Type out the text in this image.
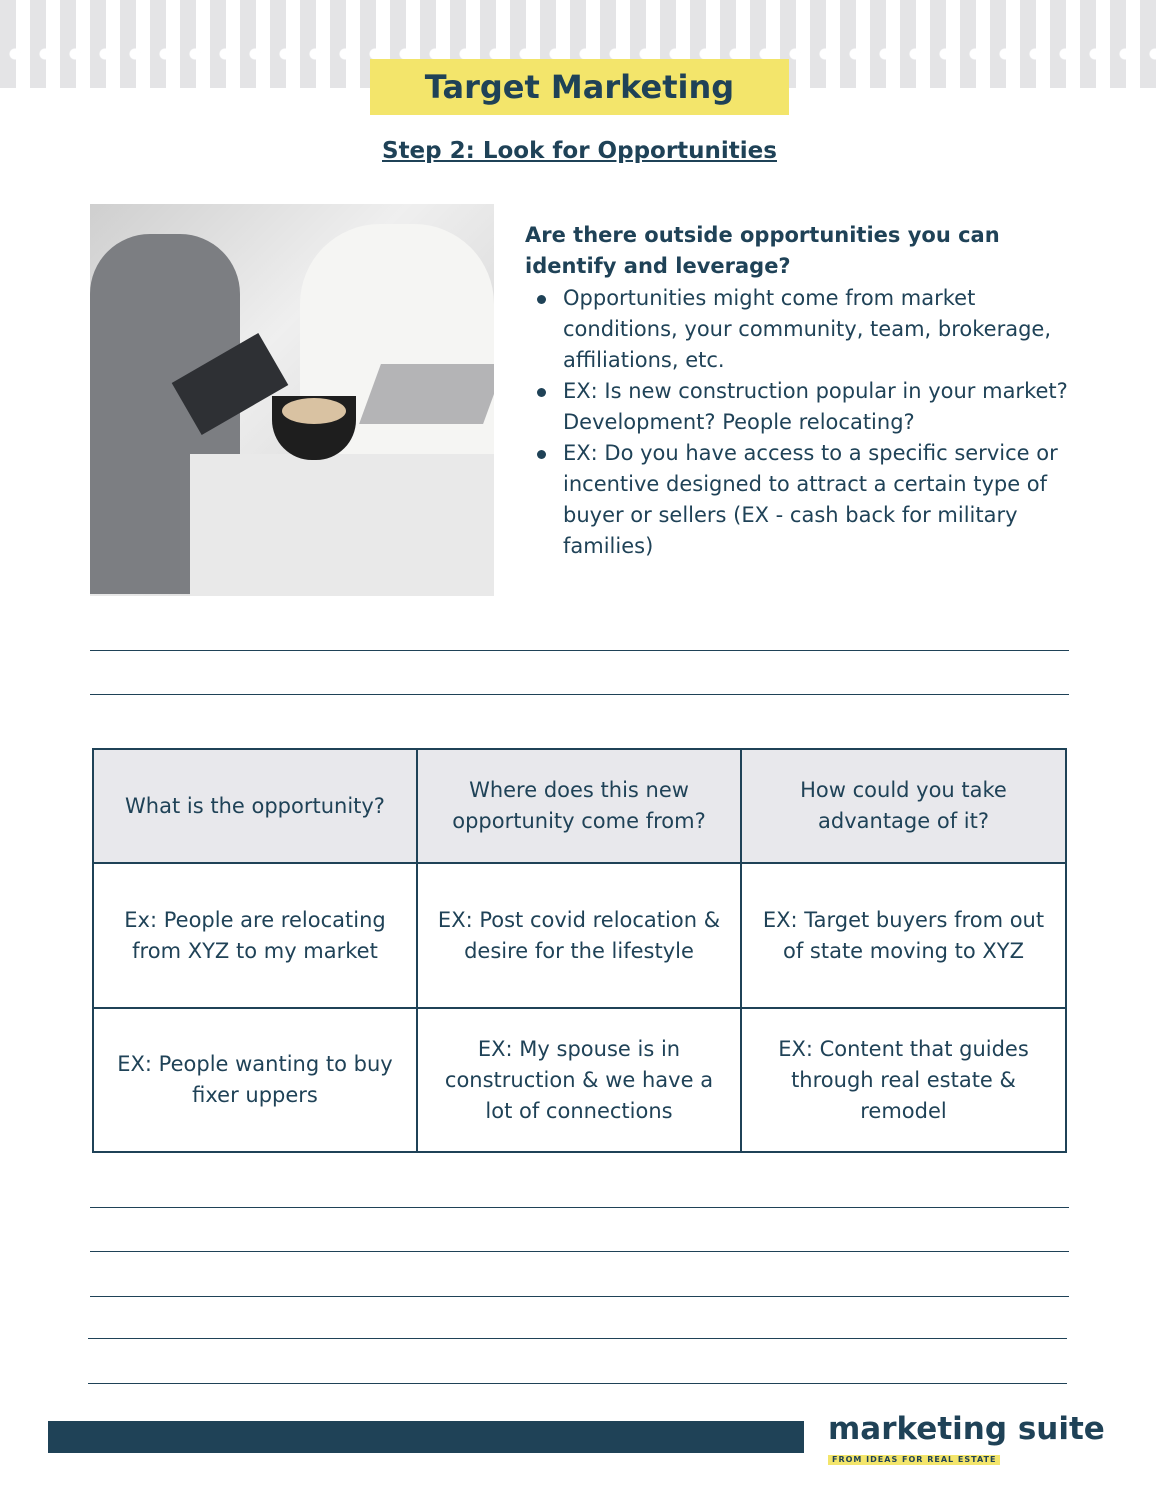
Target Marketing
Step 2: Look for Opportunities
Are there outside opportunities you can identify and leverage?
Opportunities might come from market conditions, your community, team, brokerage, affiliations, etc.
EX: Is new construction popular in your market? Development? People relocating?
EX: Do you have access to a specific service or incentive designed to attract a certain type of buyer or sellers (EX - cash back for military families)
What is the opportunity?
Where does this new opportunity come from?
How could you take advantage of it?
Ex: People are relocating from XYZ to my market
EX: Post covid relocation & desire for the lifestyle
EX: Target buyers from out of state moving to XYZ
EX: People wanting to buy fixer uppers
EX: My spouse is in construction & we have a lot of connections
EX: Content that guides through real estate & remodel
marketing suite
FROM IDEAS FOR REAL ESTATE
